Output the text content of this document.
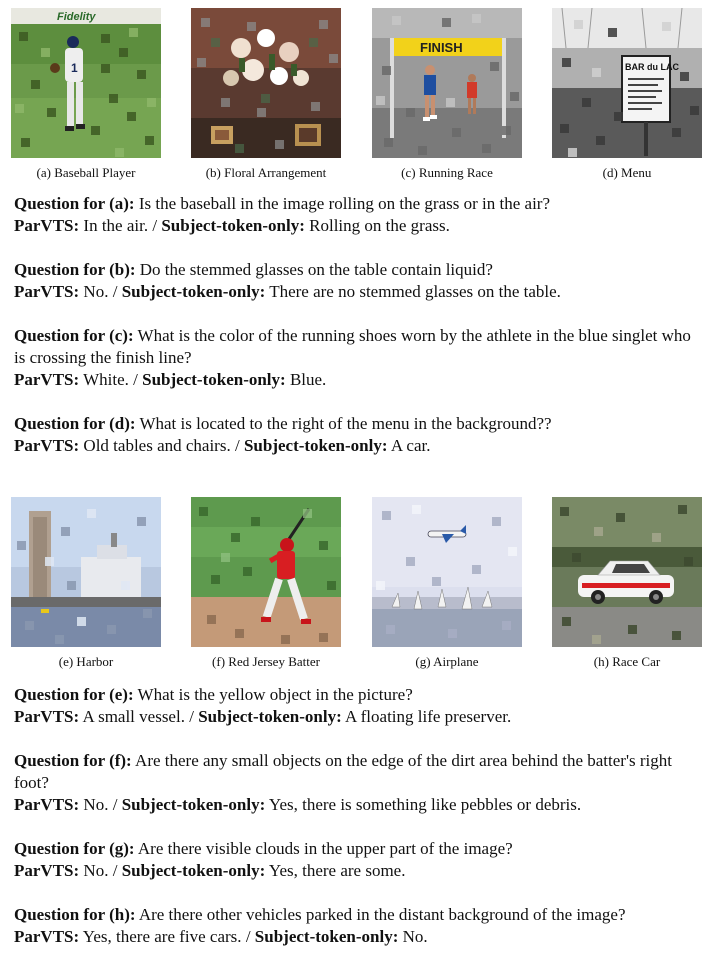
Fidelity
1
(a) Baseball Player	(b) Floral Arrangement
FINISH
(c) Running Race
BAR du LAC
(d) Menu
Question for (a): Is the baseball in the image rolling on the grass or in the air?
ParVTS: In the air. / Subject-token-only: Rolling on the grass.
Question for (b): Do the stemmed glasses on the table contain liquid?
ParVTS: No. / Subject-token-only: There are no stemmed glasses on the table.
Question for (c): What is the color of the running shoes worn by the athlete in the blue singlet who is crossing the finish line?
ParVTS: White. / Subject-token-only: Blue.
Question for (d): What is located to the right of the menu in the background??
ParVTS: Old tables and chairs. / Subject-token-only: A car.
(e) Harbor	(f) Red Jersey Batter	(g) Airplane	(h) Race Car
Question for (e): What is the yellow object in the picture?
ParVTS: A small vessel. / Subject-token-only: A floating life preserver.
Question for (f): Are there any small objects on the edge of the dirt area behind the batter's right foot?
ParVTS: No. / Subject-token-only: Yes, there is something like pebbles or debris.
Question for (g): Are there visible clouds in the upper part of the image?
ParVTS: No. / Subject-token-only: Yes, there are some.
Question for (h): Are there other vehicles parked in the distant background of the image?
ParVTS: Yes, there are five cars. / Subject-token-only: No.
